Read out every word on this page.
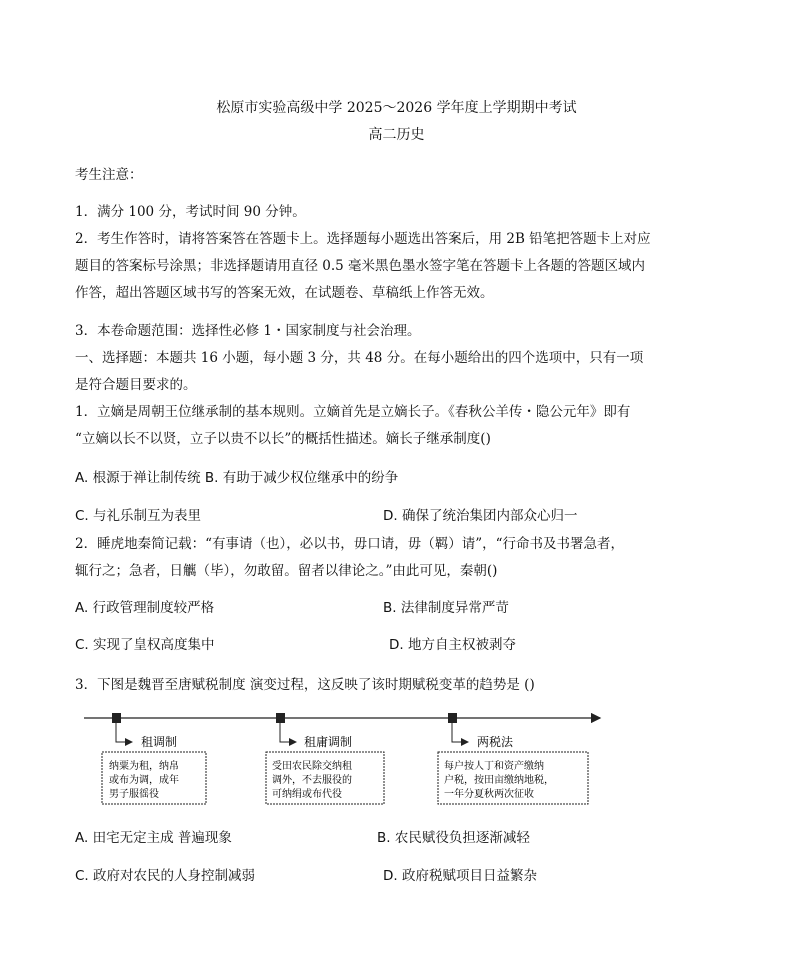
松原市实验高级中学 2025～2026 学年度上学期期中考试
高二历史
考生注意：
1．满分 100 分，考试时间 90 分钟。
2．考生作答时，请将答案答在答题卡上。选择题每小题选出答案后，用 2B 铅笔把答题卡上对应
题目的答案标号涂黑；非选择题请用直径 0.5 毫米黑色墨水签字笔在答题卡上各题的答题区域内
作答，超出答题区域书写的答案无效，在试题卷、草稿纸上作答无效。
3．本卷命题范围：选择性必修 1・国家制度与社会治理。
一、选择题：本题共 16 小题，每小题 3 分，共 48 分。在每小题给出的四个选项中，只有一项
是符合题目要求的。
1．立嫡是周朝王位继承制的基本规则。立嫡首先是立嫡长子。《春秋公羊传・隐公元年》即有
“立嫡以长不以贤，立子以贵不以长”的概括性描述。嫡长子继承制度()
A. 根源于禅让制传统 B. 有助于减少权位继承中的纷争
C. 与礼乐制互为表里	D. 确保了统治集团内部众心归一
2．睡虎地秦简记载：“有事请（也），必以书，毋口请，毋（羁）请”，“行命书及书署急者，
辄行之；急者，日觽（毕），勿敢留。留者以律论之。”由此可见，秦朝()
A. 行政管理制度较严格	B. 法律制度异常严苛
C. 实现了皇权高度集中	D. 地方自主权被剥夺
3．下图是魏晋至唐赋税制度 演变过程，这反映了该时期赋税变革的趋势是 ()
租调制
纳粟为租，纳帛
或布为调，成年
男子服徭役
租庸调制
受田农民除交纳租
调外，不去服役的
可纳绢或布代役
两税法
每户按人丁和资产缴纳
户税，按田亩缴纳地税，
一年分夏秋两次征收
A. 田宅无定主成 普遍现象	B. 农民赋役负担逐渐减轻
C. 政府对农民的人身控制减弱	D. 政府税赋项目日益繁杂
